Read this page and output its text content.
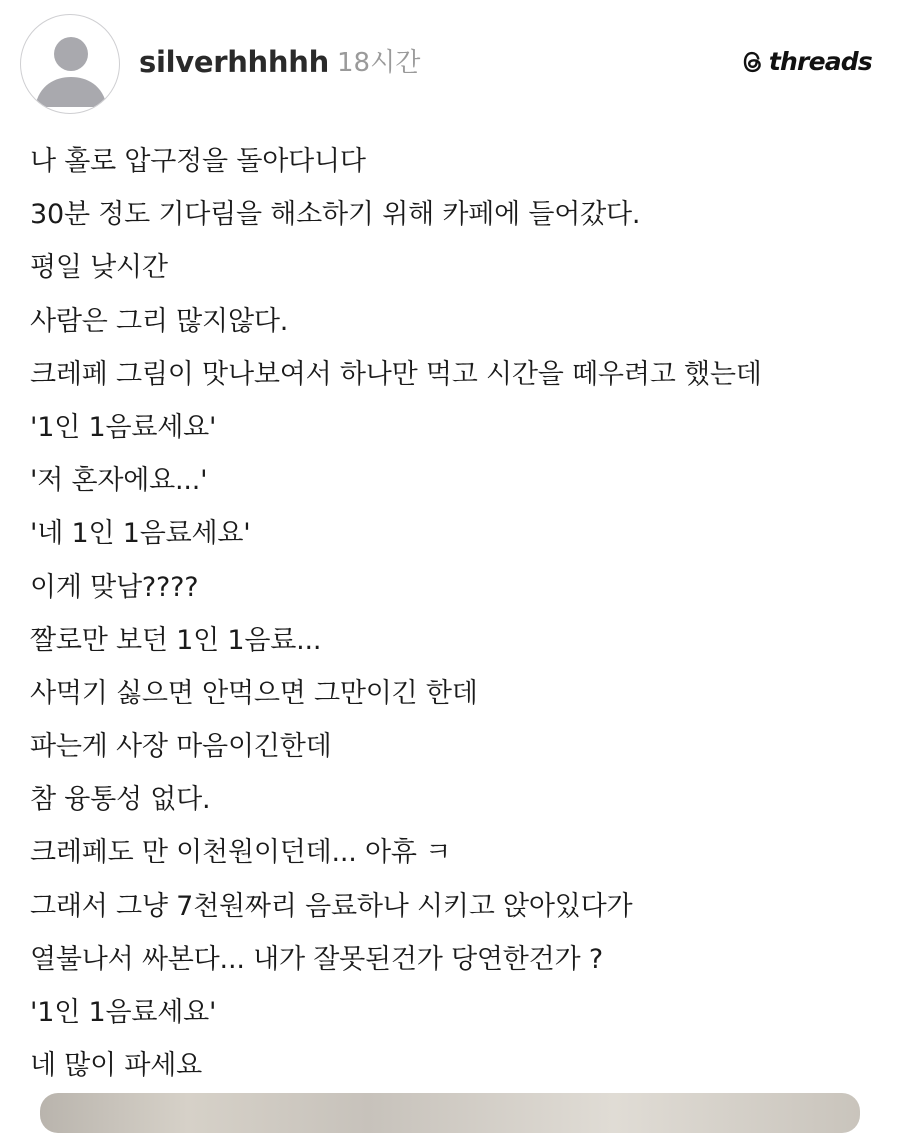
silverhhhhh 18시간	threads
나 홀로 압구정을 돌아다니다
30분 정도 기다림을 해소하기 위해 카페에 들어갔다.
평일 낮시간
사람은 그리 많지않다.
크레페 그림이 맛나보여서 하나만 먹고 시간을 떼우려고 했는데
'1인 1음료세요'
'저 혼자에요...'
'네 1인 1음료세요'
이게 맞남????
짤로만 보던 1인 1음료...
사먹기 싫으면 안먹으면 그만이긴 한데
파는게 사장 마음이긴한데
참 융통성 없다.
크레페도 만 이천원이던데... 아휴 ㅋ
그래서 그냥 7천원짜리 음료하나 시키고 앉아있다가
열불나서 싸본다... 내가 잘못된건가 당연한건가 ?
'1인 1음료세요'
네 많이 파세요
